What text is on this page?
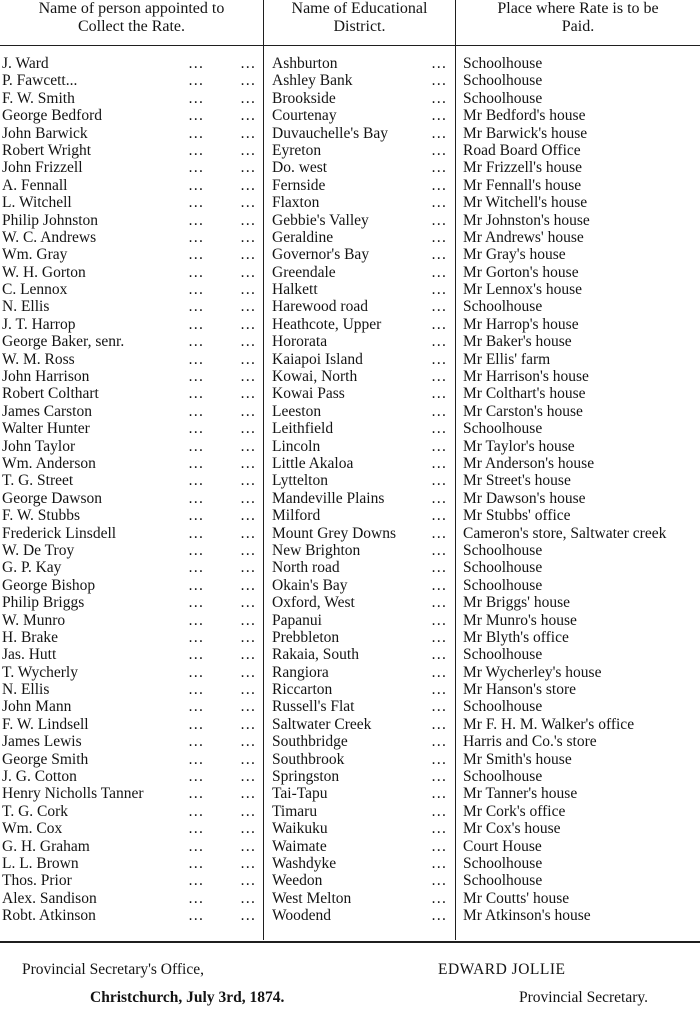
Name of person appointed to
Collect the Rate.
Name of Educational
District.
Place where Rate is to be
Paid.
J. Ward	… … Ashburton	… Schoolhouse
P. Fawcett...	… … Ashley Bank	… Schoolhouse
F. W. Smith	… … Brookside	… Schoolhouse
George Bedford	… … Courtenay	… Mr Bedford's house
John Barwick	… … Duvauchelle's Bay	… Mr Barwick's house
Robert Wright	… … Eyreton	… Road Board Office
John Frizzell	… … Do. west	… Mr Frizzell's house
A. Fennall	… … Fernside	… Mr Fennall's house
L. Witchell	… … Flaxton	… Mr Witchell's house
Philip Johnston	… … Gebbie's Valley	… Mr Johnston's house
W. C. Andrews	… … Geraldine	… Mr Andrews' house
Wm. Gray	… … Governor's Bay	… Mr Gray's house
W. H. Gorton	… … Greendale	… Mr Gorton's house
C. Lennox	… … Halkett	… Mr Lennox's house
N. Ellis	… … Harewood road	… Schoolhouse
J. T. Harrop	… … Heathcote, Upper	… Mr Harrop's house
George Baker, senr.	… … Hororata	… Mr Baker's house
W. M. Ross	… … Kaiapoi Island	… Mr Ellis' farm
John Harrison	… … Kowai, North	… Mr Harrison's house
Robert Colthart	… … Kowai Pass	… Mr Colthart's house
James Carston	… … Leeston	… Mr Carston's house
Walter Hunter	… … Leithfield	… Schoolhouse
John Taylor	… … Lincoln	… Mr Taylor's house
Wm. Anderson	… … Little Akaloa	… Mr Anderson's house
T. G. Street	… … Lyttelton	… Mr Street's house
George Dawson	… … Mandeville Plains	… Mr Dawson's house
F. W. Stubbs	… … Milford	… Mr Stubbs' office
Frederick Linsdell	… … Mount Grey Downs	… Cameron's store, Saltwater creek
W. De Troy	… … New Brighton	… Schoolhouse
G. P. Kay	… … North road	… Schoolhouse
George Bishop	… … Okain's Bay	… Schoolhouse
Philip Briggs	… … Oxford, West	… Mr Briggs' house
W. Munro	… … Papanui	… Mr Munro's house
H. Brake	… … Prebbleton	… Mr Blyth's office
Jas. Hutt	… … Rakaia, South	… Schoolhouse
T. Wycherly	… … Rangiora	… Mr Wycherley's house
N. Ellis	… … Riccarton	… Mr Hanson's store
John Mann	… … Russell's Flat	… Schoolhouse
F. W. Lindsell	… … Saltwater Creek	… Mr F. H. M. Walker's office
James Lewis	… … Southbridge	… Harris and Co.'s store
George Smith	… … Southbrook	… Mr Smith's house
J. G. Cotton	… … Springston	… Schoolhouse
Henry Nicholls Tanner	… … Tai-Tapu	… Mr Tanner's house
T. G. Cork	… … Timaru	… Mr Cork's office
Wm. Cox	… … Waikuku	… Mr Cox's house
G. H. Graham	… … Waimate	… Court House
L. L. Brown	… … Washdyke	… Schoolhouse
Thos. Prior	… … Weedon	… Schoolhouse
Alex. Sandison	… … West Melton	… Mr Coutts' house
Robt. Atkinson	… … Woodend	… Mr Atkinson's house
Provincial Secretary's Office,
Christchurch, July 3rd, 1874.
EDWARD JOLLIE
Provincial Secretary.
